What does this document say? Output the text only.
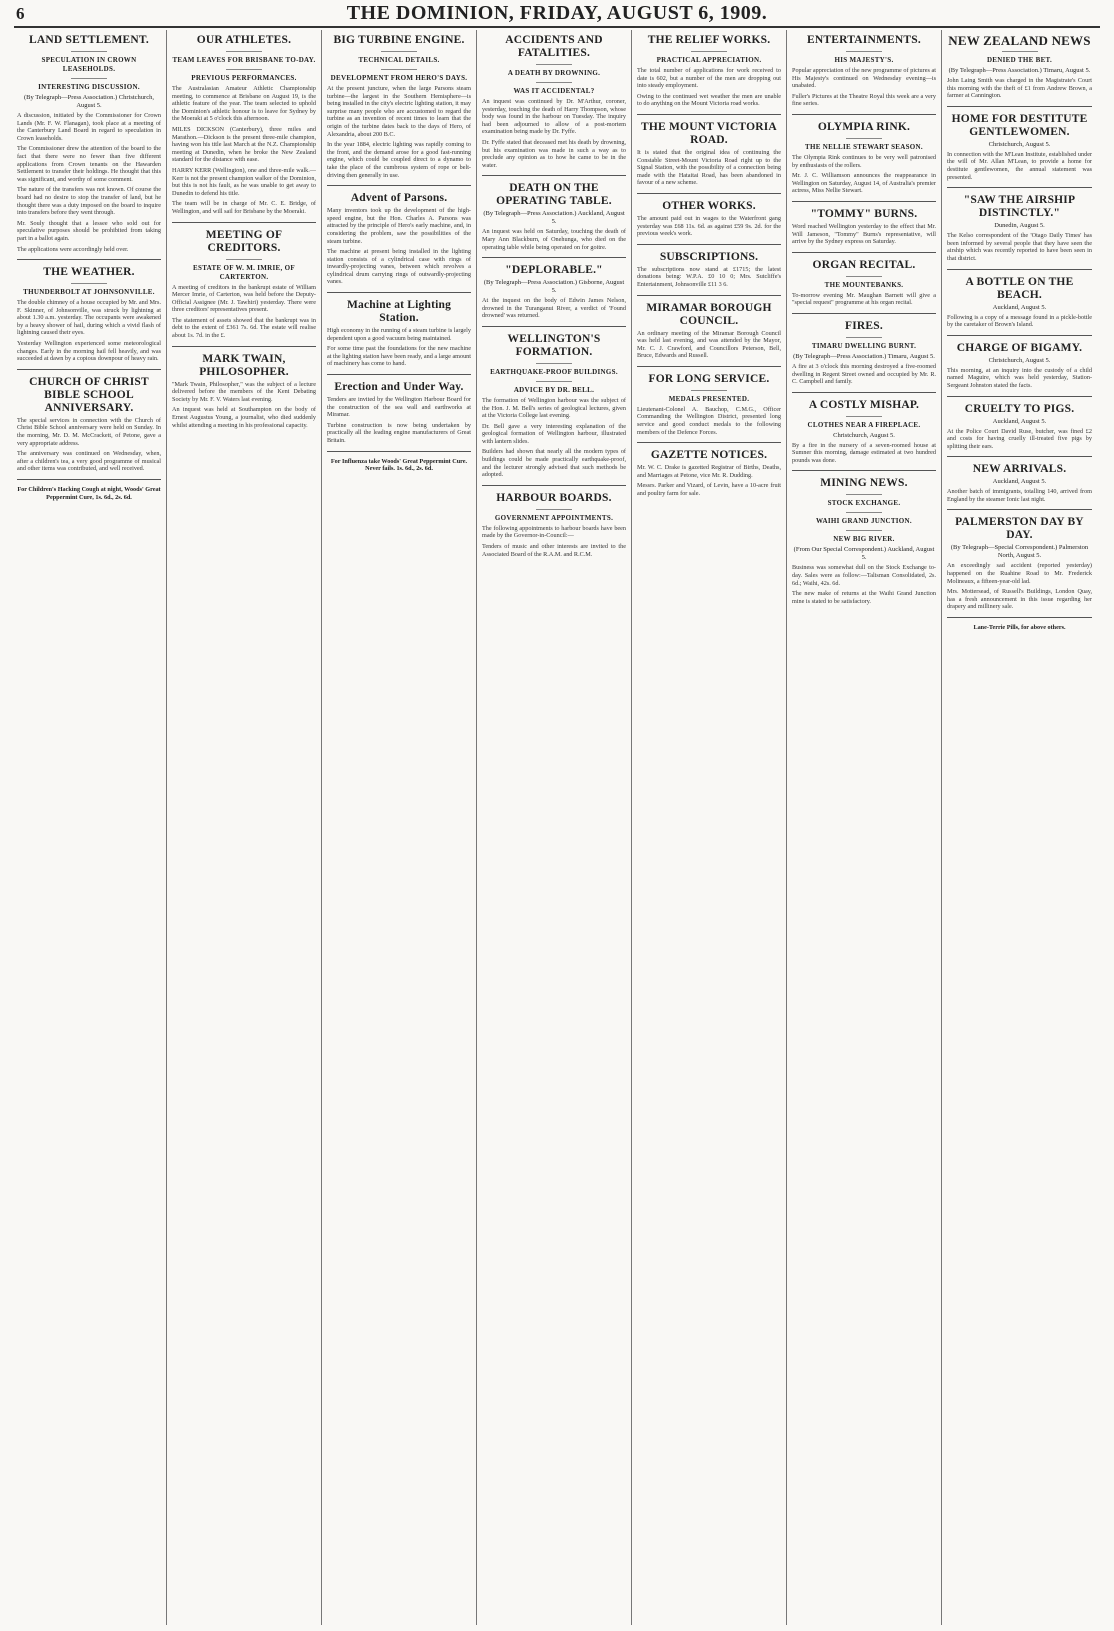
6	THE DOMINION, FRIDAY, AUGUST 6, 1909.
LAND SETTLEMENT.
SPECULATION IN CROWN LEASEHOLDS.
INTERESTING DISCUSSION.
(By Telegraph—Press Association.) Christchurch, August 5.

A discussion, initiated by the Commissioner for Crown Lands (Mr. F. W. Flanagan), took place at a meeting of the Canterbury Land Board in regard to speculation in Crown leaseholds.

The Commissioner drew the attention of the board to the fact that there were no fewer than five different applications from Crown tenants on the Hawarden Settlement to transfer their holdings. He thought that this was significant, and worthy of some comment.

The nature of the transfers was not known. Of course the board had no desire to stop the transfer of land, but he thought there was a duty imposed on the board to inquire into transfers before they went through.

Mr. Souly thought that a lessee who sold out for speculative purposes should be prohibited from taking part in a ballot again.

The applications were accordingly held over.

THE WEATHER.
THUNDERBOLT AT JOHNSONVILLE.

The double chimney of a house occupied by Mr. and Mrs. F. Skinner, of Johnsonville, was struck by lightning at about 1.30 a.m. yesterday. The occupants were awakened by a heavy shower of hail, during which a vivid flash of lightning caused their eyes.

Yesterday Wellington experienced some meteorological changes. Early in the morning hail fell heavily, and was succeeded at dawn by a copious downpour of heavy rain.

CHURCH OF CHRIST BIBLE SCHOOL ANNIVERSARY.

The special services in connection with the Church of Christ Bible School anniversary were held on Sunday. In the morning, Mr. D. M. McCrackett, of Petone, gave a very appropriate address.

The anniversary was continued on Wednesday, when, after a children's tea, a very good programme of musical and other items was contributed, and well received.

For Children's Hacking Cough at night, Woods' Great Peppermint Cure, 1s. 6d., 2s. 6d.
OUR ATHLETES.
TEAM LEAVES FOR BRISBANE TO-DAY.
PREVIOUS PERFORMANCES.

The Australasian Amateur Athletic Championship meeting, to commence at Brisbane on August 19, is the athletic feature of the year. The team selected to uphold the Dominion's athletic honour is to leave for Sydney by the Moeraki at 5 o'clock this afternoon.

MILES DICKSON (Canterbury), three miles and Marathon.—Dickson is the present three-mile champion, having won his title last March at the N.Z. Championship meeting at Dunedin, when he broke the New Zealand standard for the distance with ease.

HARRY KERR (Wellington), one and three-mile walk.—Kerr is not the present champion walker of the Dominion, but this is not his fault, as he was unable to get away to Dunedin to defend his title.

The team will be in charge of Mr. C. E. Bridge, of Wellington, and will sail for Brisbane by the Moeraki.

MEETING OF CREDITORS.
ESTATE OF W. M. IMRIE, OF CARTERTON.

A meeting of creditors in the bankrupt estate of William Mercer Imrie, of Carterton, was held before the Deputy-Official Assignee (Mr. J. Tawhiri) yesterday. There were three creditors' representatives present.

The statement of assets showed that the bankrupt was in debt to the extent of £361 7s. 6d. The estate will realise about 1s. 7d. in the £.

MARK TWAIN, PHILOSOPHER.

"Mark Twain, Philosopher," was the subject of a lecture delivered before the members of the Kent Debating Society by Mr. F. V. Waters last evening.

An inquest was held at Southampton on the body of Ernest Augustus Young, a journalist, who died suddenly whilst attending a meeting in his professional capacity.

BIG TURBINE ENGINE.
TECHNICAL DETAILS.
DEVELOPMENT FROM HERO'S DAYS.

At the present juncture, when the large Parsons steam turbine—the largest in the Southern Hemisphere—is being installed in the city's electric lighting station, it may surprise many people who are accustomed to regard the turbine as an invention of recent times to learn that the origin of the turbine dates back to the days of Hero, of Alexandria, about 200 B.C.

In the year 1884, electric lighting was rapidly coming to the front, and the demand arose for a good fast-running engine, which could be coupled direct to a dynamo to take the place of the cumbrous system of rope or belt-driving then generally in use.

Advent of Parsons.

Many inventors took up the development of the high-speed engine, but the Hon. Charles A. Parsons was attracted by the principle of Hero's early machine, and, in considering the problem, saw the possibilities of the steam turbine.

The machine at present being installed in the lighting station consists of a cylindrical case with rings of inwardly-projecting vanes, between which revolves a cylindrical drum carrying rings of outwardly-projecting vanes.

Machine at Lighting Station.

High economy in the running of a steam turbine is largely dependent upon a good vacuum being maintained.

For some time past the foundations for the new machine at the lighting station have been ready, and a large amount of machinery has come to hand.

Erection and Under Way.

Tenders are invited by the Wellington Harbour Board for the construction of the sea wall and earthworks at Miramar.

Turbine construction is now being undertaken by practically all the leading engine manufacturers of Great Britain.

For Influenza take Woods' Great Peppermint Cure. Never fails. 1s. 6d., 2s. 6d.
ACCIDENTS AND FATALITIES.
A DEATH BY DROWNING.
WAS IT ACCIDENTAL?

An inquest was continued by Dr. M'Arthur, coroner, yesterday, touching the death of Harry Thompson, whose body was found in the harbour on Tuesday. The inquiry had been adjourned to allow of a post-mortem examination being made by Dr. Fyffe.

Dr. Fyffe stated that deceased met his death by drowning, but his examination was made in such a way as to preclude any opinion as to how he came to be in the water.

DEATH ON THE OPERATING TABLE.
(By Telegraph—Press Association.) Auckland, August 5.

An inquest was held on Saturday, touching the death of Mary Ann Blackburn, of Onehunga, who died on the operating table while being operated on for goitre.

"DEPLORABLE."
(By Telegraph—Press Association.) Gisborne, August 5.

At the inquest on the body of Edwin James Nelson, drowned in the Turanganui River, a verdict of 'Found drowned' was returned.

WELLINGTON'S FORMATION.
EARTHQUAKE-PROOF BUILDINGS.
ADVICE BY DR. BELL.

The formation of Wellington harbour was the subject of the Hon. J. M. Bell's series of geological lectures, given at the Victoria College last evening.

Dr. Bell gave a very interesting explanation of the geological formation of Wellington harbour, illustrated with lantern slides.

Builders had shown that nearly all the modern types of buildings could be made practically earthquake-proof, and the lecturer strongly advised that such methods be adopted.

HARBOUR BOARDS.
GOVERNMENT APPOINTMENTS.

The following appointments to harbour boards have been made by the Governor-in-Council:—

Tenders of music and other interests are invited to the Associated Board of the R.A.M. and R.C.M.

THE RELIEF WORKS.
PRACTICAL APPRECIATION.

The total number of applications for work received to date is 602, but a number of the men are dropping out into steady employment.

Owing to the continued wet weather the men are unable to do anything on the Mount Victoria road works.

THE MOUNT VICTORIA ROAD.

It is stated that the original idea of continuing the Constable Street-Mount Victoria Road right up to the Signal Station, with the possibility of a connection being made with the Hataitai Road, has been abandoned in favour of a new scheme.

OTHER WORKS.

The amount paid out in wages to the Waterfront gang yesterday was £68 11s. 6d. as against £59 9s. 2d. for the previous week's work.

SUBSCRIPTIONS.

The subscriptions now stand at £1715; the latest donations being: W.P.A. £0 10 0; Mrs. Sutcliffe's Entertainment, Johnsonville £11 3 6.

MIRAMAR BOROUGH COUNCIL.

An ordinary meeting of the Miramar Borough Council was held last evening, and was attended by the Mayor, Mr. C. J. Crawford, and Councillors Peterson, Bell, Bruce, Edwards and Russell.

FOR LONG SERVICE.
MEDALS PRESENTED.

Lieutenant-Colonel A. Bauchop, C.M.G., Officer Commanding the Wellington District, presented long service and good conduct medals to the following members of the Defence Forces.

GAZETTE NOTICES.

Mr. W. C. Drake is gazetted Registrar of Births, Deaths, and Marriages at Petone, vice Mr. R. Dudding.

Messrs. Parker and Vizard, of Levin, have a 10-acre fruit and poultry farm for sale.

ENTERTAINMENTS.
HIS MAJESTY'S.

Popular appreciation of the new programme of pictures at His Majesty's continued on Wednesday evening—is unabated.

Fuller's Pictures at the Theatre Royal this week are a very fine series.

OLYMPIA RINK.
THE NELLIE STEWART SEASON.

The Olympia Rink continues to be very well patronised by enthusiasts of the rollers.

Mr. J. C. Williamson announces the reappearance in Wellington on Saturday, August 14, of Australia's premier actress, Miss Nellie Stewart.

"TOMMY" BURNS.

Word reached Wellington yesterday to the effect that Mr. Will Jameson, "Tommy" Burns's representative, will arrive by the Sydney express on Saturday.

ORGAN RECITAL.
THE MOUNTEBANKS.

To-morrow evening Mr. Maughan Barnett will give a "special request" programme at his organ recital.

FIRES.
TIMARU DWELLING BURNT.
(By Telegraph—Press Association.) Timaru, August 5.

A fire at 3 o'clock this morning destroyed a five-roomed dwelling in Regent Street owned and occupied by Mr. R. C. Campbell and family.

A COSTLY MISHAP.
CLOTHES NEAR A FIREPLACE.
Christchurch, August 5.

By a fire in the nursery of a seven-roomed house at Sumner this morning, damage estimated at two hundred pounds was done.

MINING NEWS.
STOCK EXCHANGE.
WAIHI GRAND JUNCTION.
NEW BIG RIVER.
(From Our Special Correspondent.) Auckland, August 5.

Business was somewhat dull on the Stock Exchange to-day. Sales were as follow:—Talisman Consolidated, 2s. 6d.; Waihi, 42s. 6d.

The new make of returns at the Waihi Grand Junction mine is stated to be satisfactory.

NEW ZEALAND NEWS
DENIED THE BET.
(By Telegraph—Press Association.) Timaru, August 5.

John Laing Smith was charged in the Magistrate's Court this morning with the theft of £1 from Andrew Brown, a farmer at Cannington.

HOME FOR DESTITUTE GENTLEWOMEN.
Christchurch, August 5.

In connection with the M'Lean Institute, established under the will of Mr. Allan M'Lean, to provide a home for destitute gentlewomen, the annual statement was presented.

"SAW THE AIRSHIP DISTINCTLY."
Dunedin, August 5.

The Kelso correspondent of the 'Otago Daily Times' has been informed by several people that they have seen the airship which was recently reported to have been seen in that district.

A BOTTLE ON THE BEACH.
Auckland, August 5.

Following is a copy of a message found in a pickle-bottle by the caretaker of Brown's Island.

CHARGE OF BIGAMY.
Christchurch, August 5.

This morning, at an inquiry into the custody of a child named Maguire, which was held yesterday, Station-Sergeant Johnston stated the facts.

CRUELTY TO PIGS.
Auckland, August 5.

At the Police Court David Ruse, butcher, was fined £2 and costs for having cruelly ill-treated five pigs by splitting their ears.

NEW ARRIVALS.
Auckland, August 5.

Another batch of immigrants, totalling 140, arrived from England by the steamer Ionic last night.

PALMERSTON DAY BY DAY.
(By Telegraph—Special Correspondent.) Palmerston North, August 5.

An exceedingly sad accident (reported yesterday) happened on the Ruahine Road to Mr. Frederick Molineaux, a fifteen-year-old lad.

Mrs. Mottersead, of Russell's Buildings, London Quay, has a fresh announcement in this issue regarding her drapery and millinery sale.

Lane-Terrie Pills, for above others.
